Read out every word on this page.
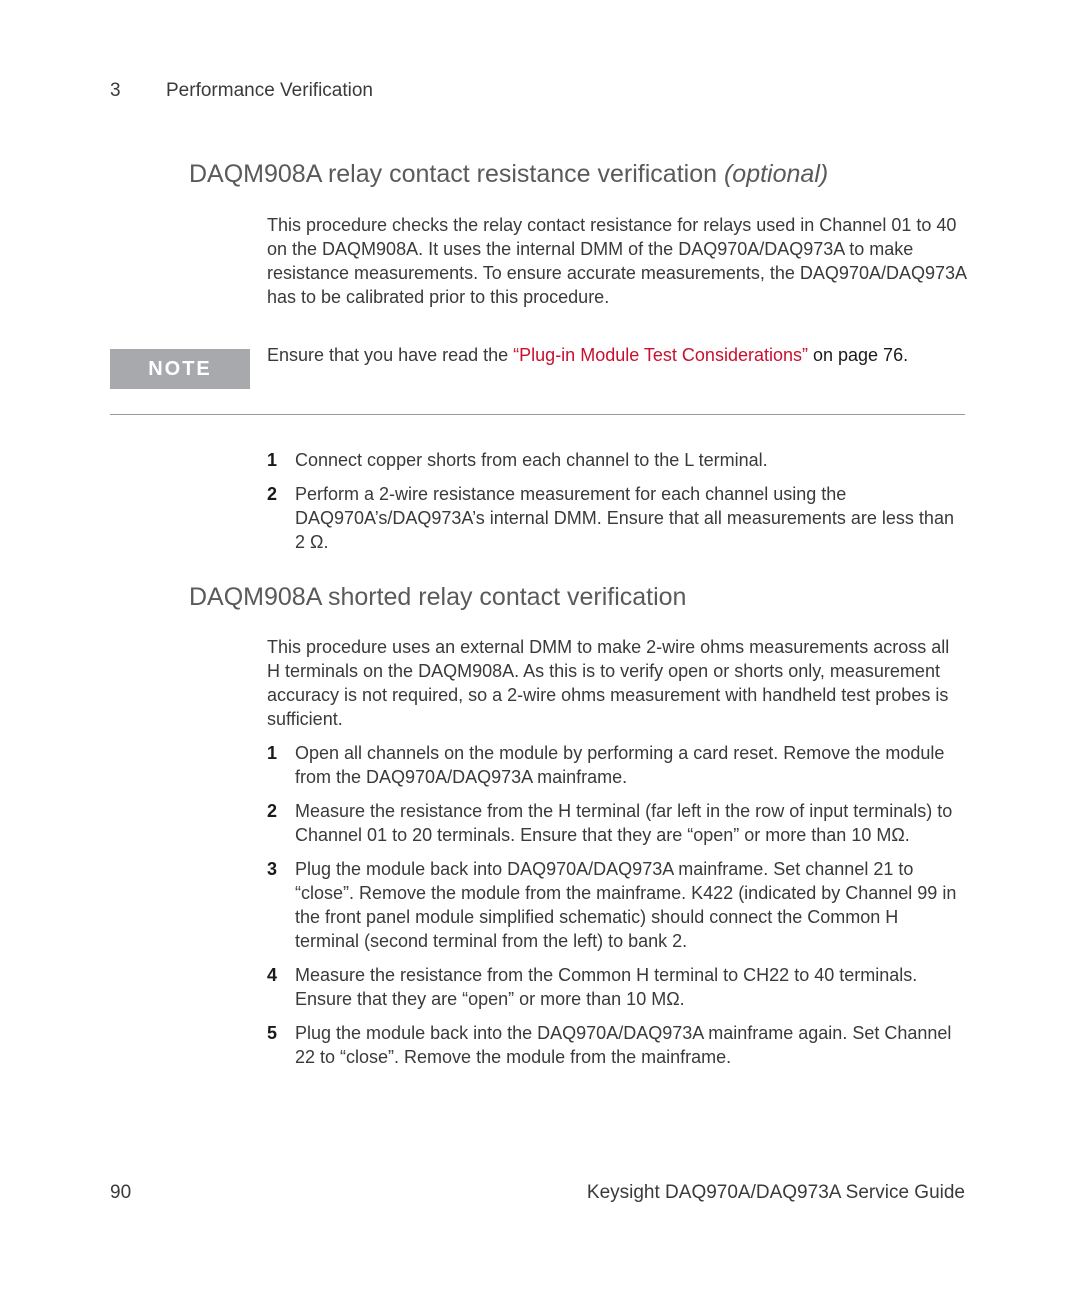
3	Performance Verification
DAQM908A relay contact resistance verification (optional)

This procedure checks the relay contact resistance for relays used in Channel 01 to 40 on the DAQM908A. It uses the internal DMM of the DAQ970A/DAQ973A to make resistance measurements. To ensure accurate measurements, the DAQ970A/DAQ973A has to be calibrated prior to this procedure.

NOTE
Ensure that you have read the “Plug-in Module Test Considerations” on page 76.
1 Connect copper shorts from each channel to the L terminal.
2 Perform a 2-wire resistance measurement for each channel using the DAQ970A’s/DAQ973A’s internal DMM. Ensure that all measurements are less than 2 Ω.
DAQM908A shorted relay contact verification

This procedure uses an external DMM to make 2-wire ohms measurements across all H terminals on the DAQM908A. As this is to verify open or shorts only, measurement accuracy is not required, so a 2-wire ohms measurement with handheld test probes is sufficient.

1 Open all channels on the module by performing a card reset. Remove the module from the DAQ970A/DAQ973A mainframe.
2 Measure the resistance from the H terminal (far left in the row of input terminals) to Channel 01 to 20 terminals. Ensure that they are “open” or more than 10 MΩ.
3 Plug the module back into DAQ970A/DAQ973A mainframe. Set channel 21 to “close”. Remove the module from the mainframe. K422 (indicated by Channel 99 in the front panel module simplified schematic) should connect the Common H terminal (second terminal from the left) to bank 2.
4 Measure the resistance from the Common H terminal to CH22 to 40 terminals. Ensure that they are “open” or more than 10 MΩ.
5 Plug the module back into the DAQ970A/DAQ973A mainframe again. Set Channel 22 to “close”. Remove the module from the mainframe.
90	Keysight DAQ970A/DAQ973A Service Guide
